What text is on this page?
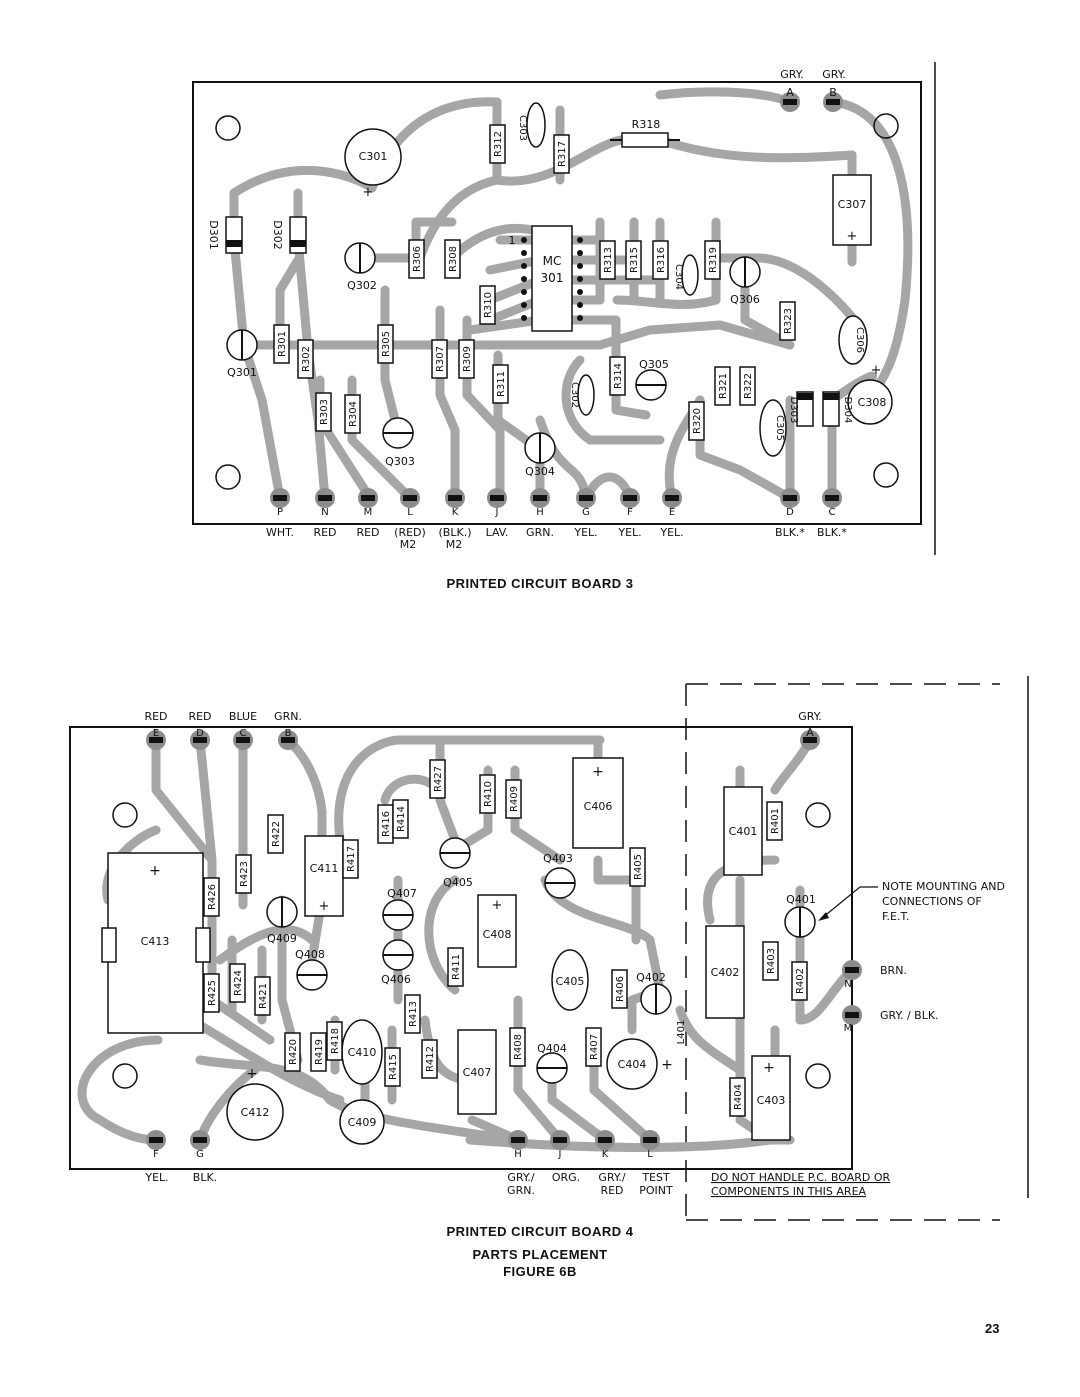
MC
301
1
R318
C301
+
C307
+
C308
+
C303
C304
C306
C302
C305
D301	D302
D303	D304
R312	R317
R306	R308	R313 R315 R316	R319
R310
R301
R302
R305
R307 R309
R323
R314
R311
R303 R304
R321 R322
R320
Q302
Q306
Q301
Q305
Q303
Q304
A	B
GRY. GRY.
P	N	M	L	K	J	H	G	F	E	D	C
WHT. RED RED (RED) (BLK.) LAV. GRN. YEL. YEL. YEL.	BLK.* BLK.*
M2	M2
C413
+	C411
+
C406
+
C408
+
C405
C410
C407
C412
+
C409
C404 +
C401
C402
C403
+
R422
R423
R426
R424
R425	R421
R420 R419 R418
R417
R416 R414
R427
R410 R409
R405
R411
R413
R415	R412	R408	R407
R406
R401
R403
R402
R404
L401
Q409
Q408
Q407
Q406
Q405
Q403
Q402
Q404
Q401
NOTE MOUNTING AND
CONNECTIONS OF
F.E.T.
E	D	C	B
RED RED BLUE GRN.
A
GRY.
N
BRN.
M
GRY. / BLK.
F	G	H	J	K	L
YEL. BLK.	GRY./
GRN.
ORG. GRY./
RED
TEST
POINT
DO NOT HANDLE P.C. BOARD OR
COMPONENTS IN THIS AREA
PRINTED CIRCUIT BOARD 3
PRINTED CIRCUIT BOARD 4
PARTS PLACEMENT
FIGURE 6B
23
